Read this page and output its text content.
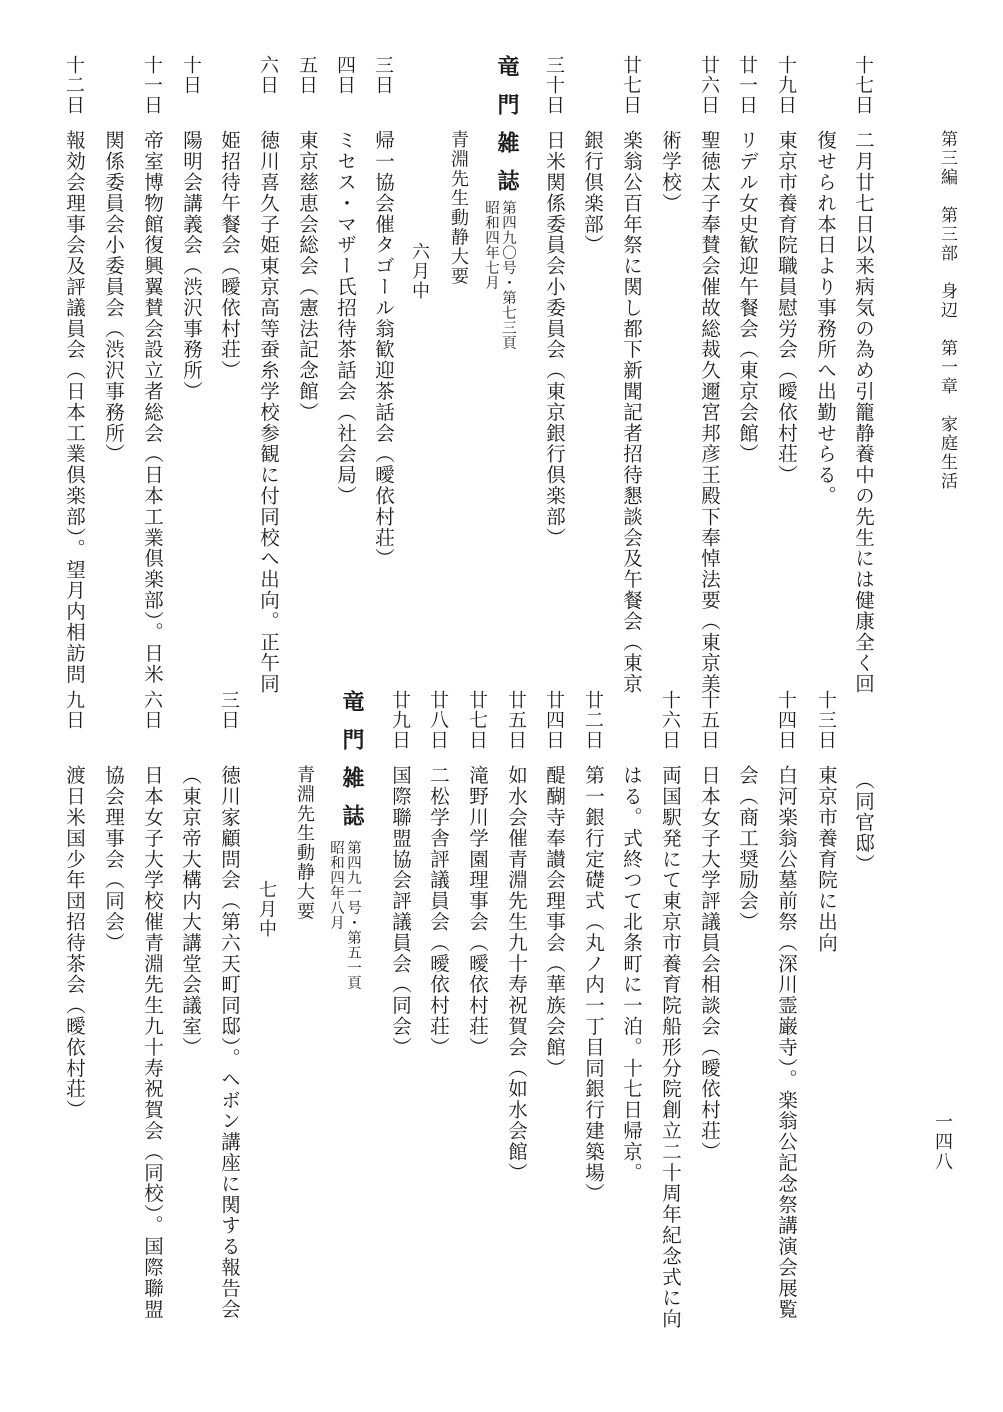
第三編　第三部　身辺　第一章　家庭生活
一四八
十七日
二月廿七日以来病気の為め引籠静養中の先生には健康全く回
復せられ本日より事務所へ出勤せらる。
十九日
東京市養育院職員慰労会（曖依村荘）
廿一日
リデル女史歓迎午餐会（東京会館）
廿六日
聖徳太子奉賛会催故総裁久邇宮邦彦王殿下奉悼法要（東京美
術学校）
廿七日
楽翁公百年祭に関し都下新聞記者招待懇談会及午餐会（東京
銀行倶楽部）
三十日
日米関係委員会小委員会（東京銀行倶楽部）
竜門雑誌
第四九〇号・第七三頁
昭和四年七月
青淵先生動静大要
六月中
三日
帰一協会催タゴール翁歓迎茶話会（曖依村荘）
四日
ミセス・マザー氏招待茶話会（社会局）
五日
東京慈恵会総会（憲法記念館）
六日
徳川喜久子姫東京高等蚕糸学校参観に付同校へ出向。正午同
姫招待午餐会（曖依村荘）
十日
陽明会講義会（渋沢事務所）
十一日
帝室博物館復興翼賛会設立者総会（日本工業倶楽部）。日米
関係委員会小委員会（渋沢事務所）
十二日
報効会理事会及評議員会（日本工業倶楽部）。望月内相訪問
（同官邸）
十三日
東京市養育院に出向
十四日
白河楽翁公墓前祭（深川霊巌寺）。楽翁公記念祭講演会展覧
会（商工奨励会）
十五日
日本女子大学評議員会相談会（曖依村荘）
十六日
両国駅発にて東京市養育院船形分院創立二十周年紀念式に向
はる。式終つて北条町に一泊。十七日帰京。
廿二日
第一銀行定礎式（丸ノ内一丁目同銀行建築場）
廿四日
醍醐寺奉讃会理事会（華族会館）
廿五日
如水会催青淵先生九十寿祝賀会（如水会館）
廿七日
滝野川学園理事会（曖依村荘）
廿八日
二松学舎評議員会（曖依村荘）
廿九日
国際聯盟協会評議員会（同会）
竜門雑誌
第四九一号・第五一頁
昭和四年八月
青淵先生動静大要
七月中
三日
徳川家顧問会（第六天町同邸）。ヘボン講座に関する報告会
（東京帝大構内大講堂会議室）
六日
日本女子大学校催青淵先生九十寿祝賀会（同校）。国際聯盟
協会理事会（同会）
九日
渡日米国少年団招待茶会（曖依村荘）
